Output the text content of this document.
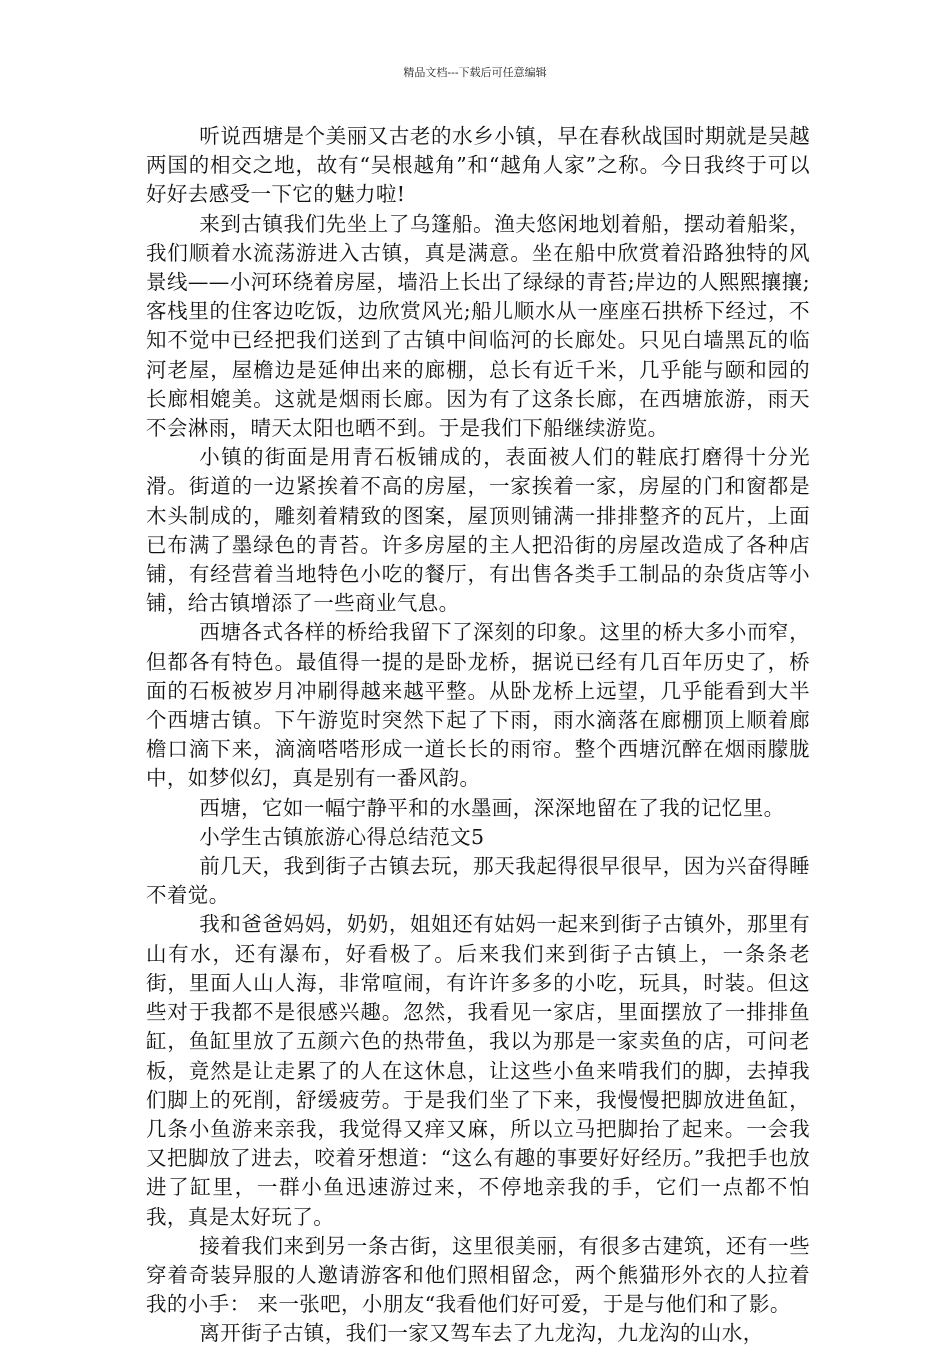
精品文档---下载后可任意编辑

听说西塘是个美丽又古老的水乡小镇，早在春秋战国时期就是吴越两国的相交之地，故有“吴根越角”和“越角人家”之称。今日我终于可以好好去感受一下它的魅力啦!

来到古镇我们先坐上了乌篷船。渔夫悠闲地划着船，摆动着船桨，我们顺着水流荡游进入古镇，真是满意。坐在船中欣赏着沿路独特的风景线——小河环绕着房屋，墙沿上长出了绿绿的青苔;岸边的人熙熙攘攘;客栈里的住客边吃饭，边欣赏风光;船儿顺水从一座座石拱桥下经过，不知不觉中已经把我们送到了古镇中间临河的长廊处。只见白墙黑瓦的临河老屋，屋檐边是延伸出来的廊棚，总长有近千米，几乎能与颐和园的长廊相媲美。这就是烟雨长廊。因为有了这条长廊，在西塘旅游，雨天不会淋雨，晴天太阳也晒不到。于是我们下船继续游览。

小镇的街面是用青石板铺成的，表面被人们的鞋底打磨得十分光滑。街道的一边紧挨着不高的房屋，一家挨着一家，房屋的门和窗都是木头制成的，雕刻着精致的图案，屋顶则铺满一排排整齐的瓦片，上面已布满了墨绿色的青苔。许多房屋的主人把沿街的房屋改造成了各种店铺，有经营着当地特色小吃的餐厅，有出售各类手工制品的杂货店等小铺，给古镇增添了一些商业气息。

西塘各式各样的桥给我留下了深刻的印象。这里的桥大多小而窄，但都各有特色。最值得一提的是卧龙桥，据说已经有几百年历史了，桥面的石板被岁月冲刷得越来越平整。从卧龙桥上远望，几乎能看到大半个西塘古镇。下午游览时突然下起了下雨，雨水滴落在廊棚顶上顺着廊檐口滴下来，滴滴嗒嗒形成一道长长的雨帘。整个西塘沉醉在烟雨朦胧中，如梦似幻，真是别有一番风韵。

西塘，它如一幅宁静平和的水墨画，深深地留在了我的记忆里。

小学生古镇旅游心得总结范文5

前几天，我到街子古镇去玩，那天我起得很早很早，因为兴奋得睡不着觉。

我和爸爸妈妈，奶奶，姐姐还有姑妈一起来到街子古镇外，那里有山有水，还有瀑布，好看极了。后来我们来到街子古镇上，一条条老街，里面人山人海，非常喧闹，有许许多多的小吃，玩具，时装。但这些对于我都不是很感兴趣。忽然，我看见一家店，里面摆放了一排排鱼缸，鱼缸里放了五颜六色的热带鱼，我以为那是一家卖鱼的店，可问老板，竟然是让走累了的人在这休息，让这些小鱼来啃我们的脚，去掉我们脚上的死削，舒缓疲劳。于是我们坐了下来，我慢慢把脚放进鱼缸，几条小鱼游来亲我，我觉得又痒又麻，所以立马把脚抬了起来。一会我又把脚放了进去，咬着牙想道：“这么有趣的事要好好经历。”我把手也放进了缸里，一群小鱼迅速游过来，不停地亲我的手，它们一点都不怕我，真是太好玩了。

接着我们来到另一条古街，这里很美丽，有很多古建筑，还有一些穿着奇装异服的人邀请游客和他们照相留念，两个熊猫形外衣的人拉着我的小手： 来一张吧，小朋友“我看他们好可爱，于是与他们和了影。

离开街子古镇，我们一家又驾车去了九龙沟，九龙沟的山水，
